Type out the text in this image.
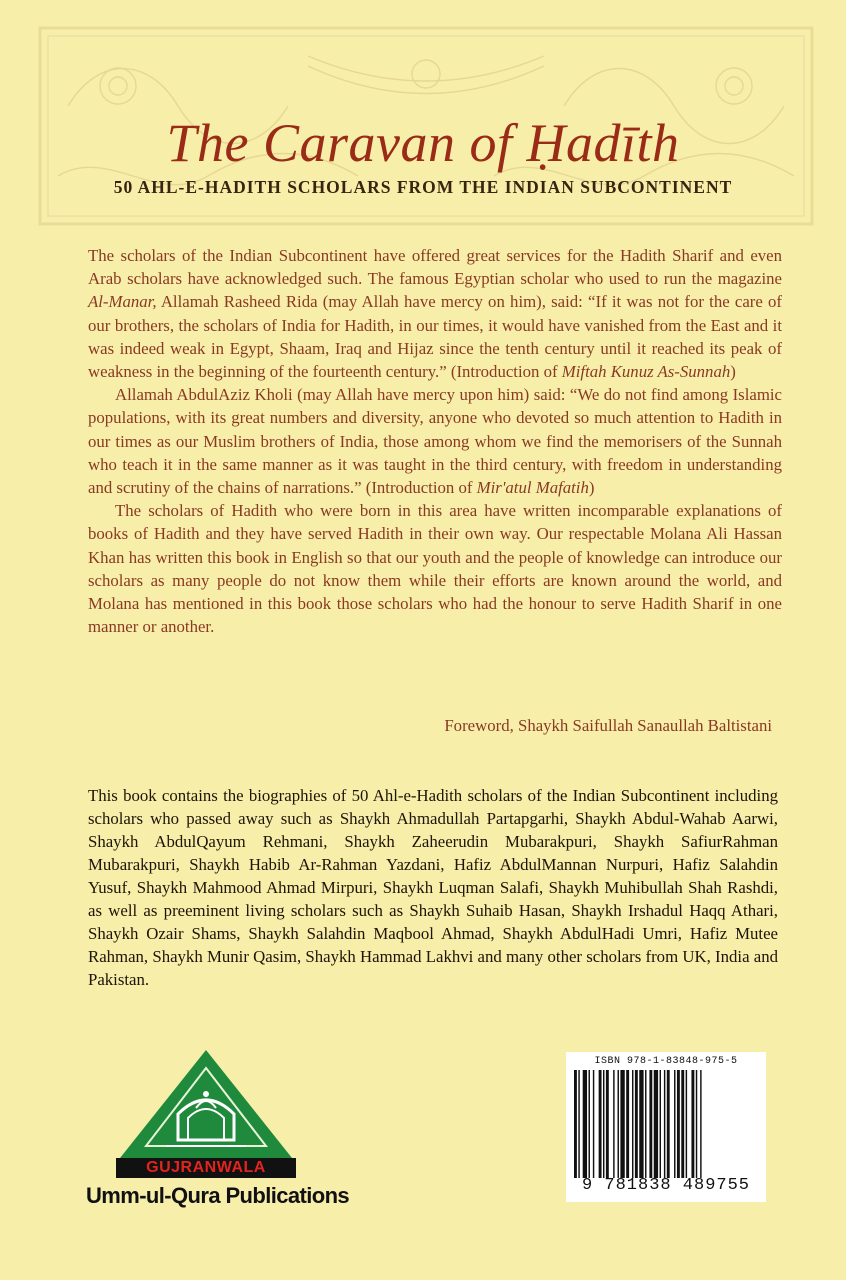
The Caravan of Ḥadīth
50 AHL-E-HADITH SCHOLARS FROM THE INDIAN SUBCONTINENT

The scholars of the Indian Subcontinent have offered great services for the Hadith Sharif and even Arab scholars have acknowledged such. The famous Egyptian scholar who used to run the magazine Al-Manar, Allamah Rasheed Rida (may Allah have mercy on him), said: “If it was not for the care of our brothers, the scholars of India for Hadith, in our times, it would have vanished from the East and it was indeed weak in Egypt, Shaam, Iraq and Hijaz since the tenth century until it reached its peak of weakness in the beginning of the fourteenth century.” (Introduction of Miftah Kunuz As-Sunnah)

Allamah AbdulAziz Kholi (may Allah have mercy upon him) said: “We do not find among Islamic populations, with its great numbers and diversity, anyone who devoted so much attention to Hadith in our times as our Muslim brothers of India, those among whom we find the memorisers of the Sunnah who teach it in the same manner as it was taught in the third century, with freedom in understanding and scrutiny of the chains of narrations.” (Introduction of Mir'atul Mafatih)

The scholars of Hadith who were born in this area have written incomparable explanations of books of Hadith and they have served Hadith in their own way. Our respectable Molana Ali Hassan Khan has written this book in English so that our youth and the people of knowledge can introduce our scholars as many people do not know them while their efforts are known around the world, and Molana has mentioned in this book those scholars who had the honour to serve Hadith Sharif in one manner or another.

Foreword, Shaykh Saifullah Sanaullah Baltistani
This book contains the biographies of 50 Ahl-e-Hadith scholars of the Indian Subcontinent including scholars who passed away such as Shaykh Ahmadullah Partapgarhi, Shaykh Abdul-Wahab Aarwi, Shaykh AbdulQayum Rehmani, Shaykh Zaheerudin Mubarakpuri, Shaykh SafiurRahman Mubarakpuri, Shaykh Habib Ar-Rahman Yazdani, Hafiz AbdulMannan Nurpuri, Hafiz Salahdin Yusuf, Shaykh Mahmood Ahmad Mirpuri, Shaykh Luqman Salafi, Shaykh Muhibullah Shah Rashdi, as well as preeminent living scholars such as Shaykh Suhaib Hasan, Shaykh Irshadul Haqq Athari, Shaykh Ozair Shams, Shaykh Salahdin Maqbool Ahmad, Shaykh AbdulHadi Umri, Hafiz Mutee Rahman, Shaykh Munir Qasim, Shaykh Hammad Lakhvi and many other scholars from UK, India and Pakistan.
GUJRANWALA
Umm-ul-Qura Publications
ISBN 978-1-83848-975-5
9 781838 489755
